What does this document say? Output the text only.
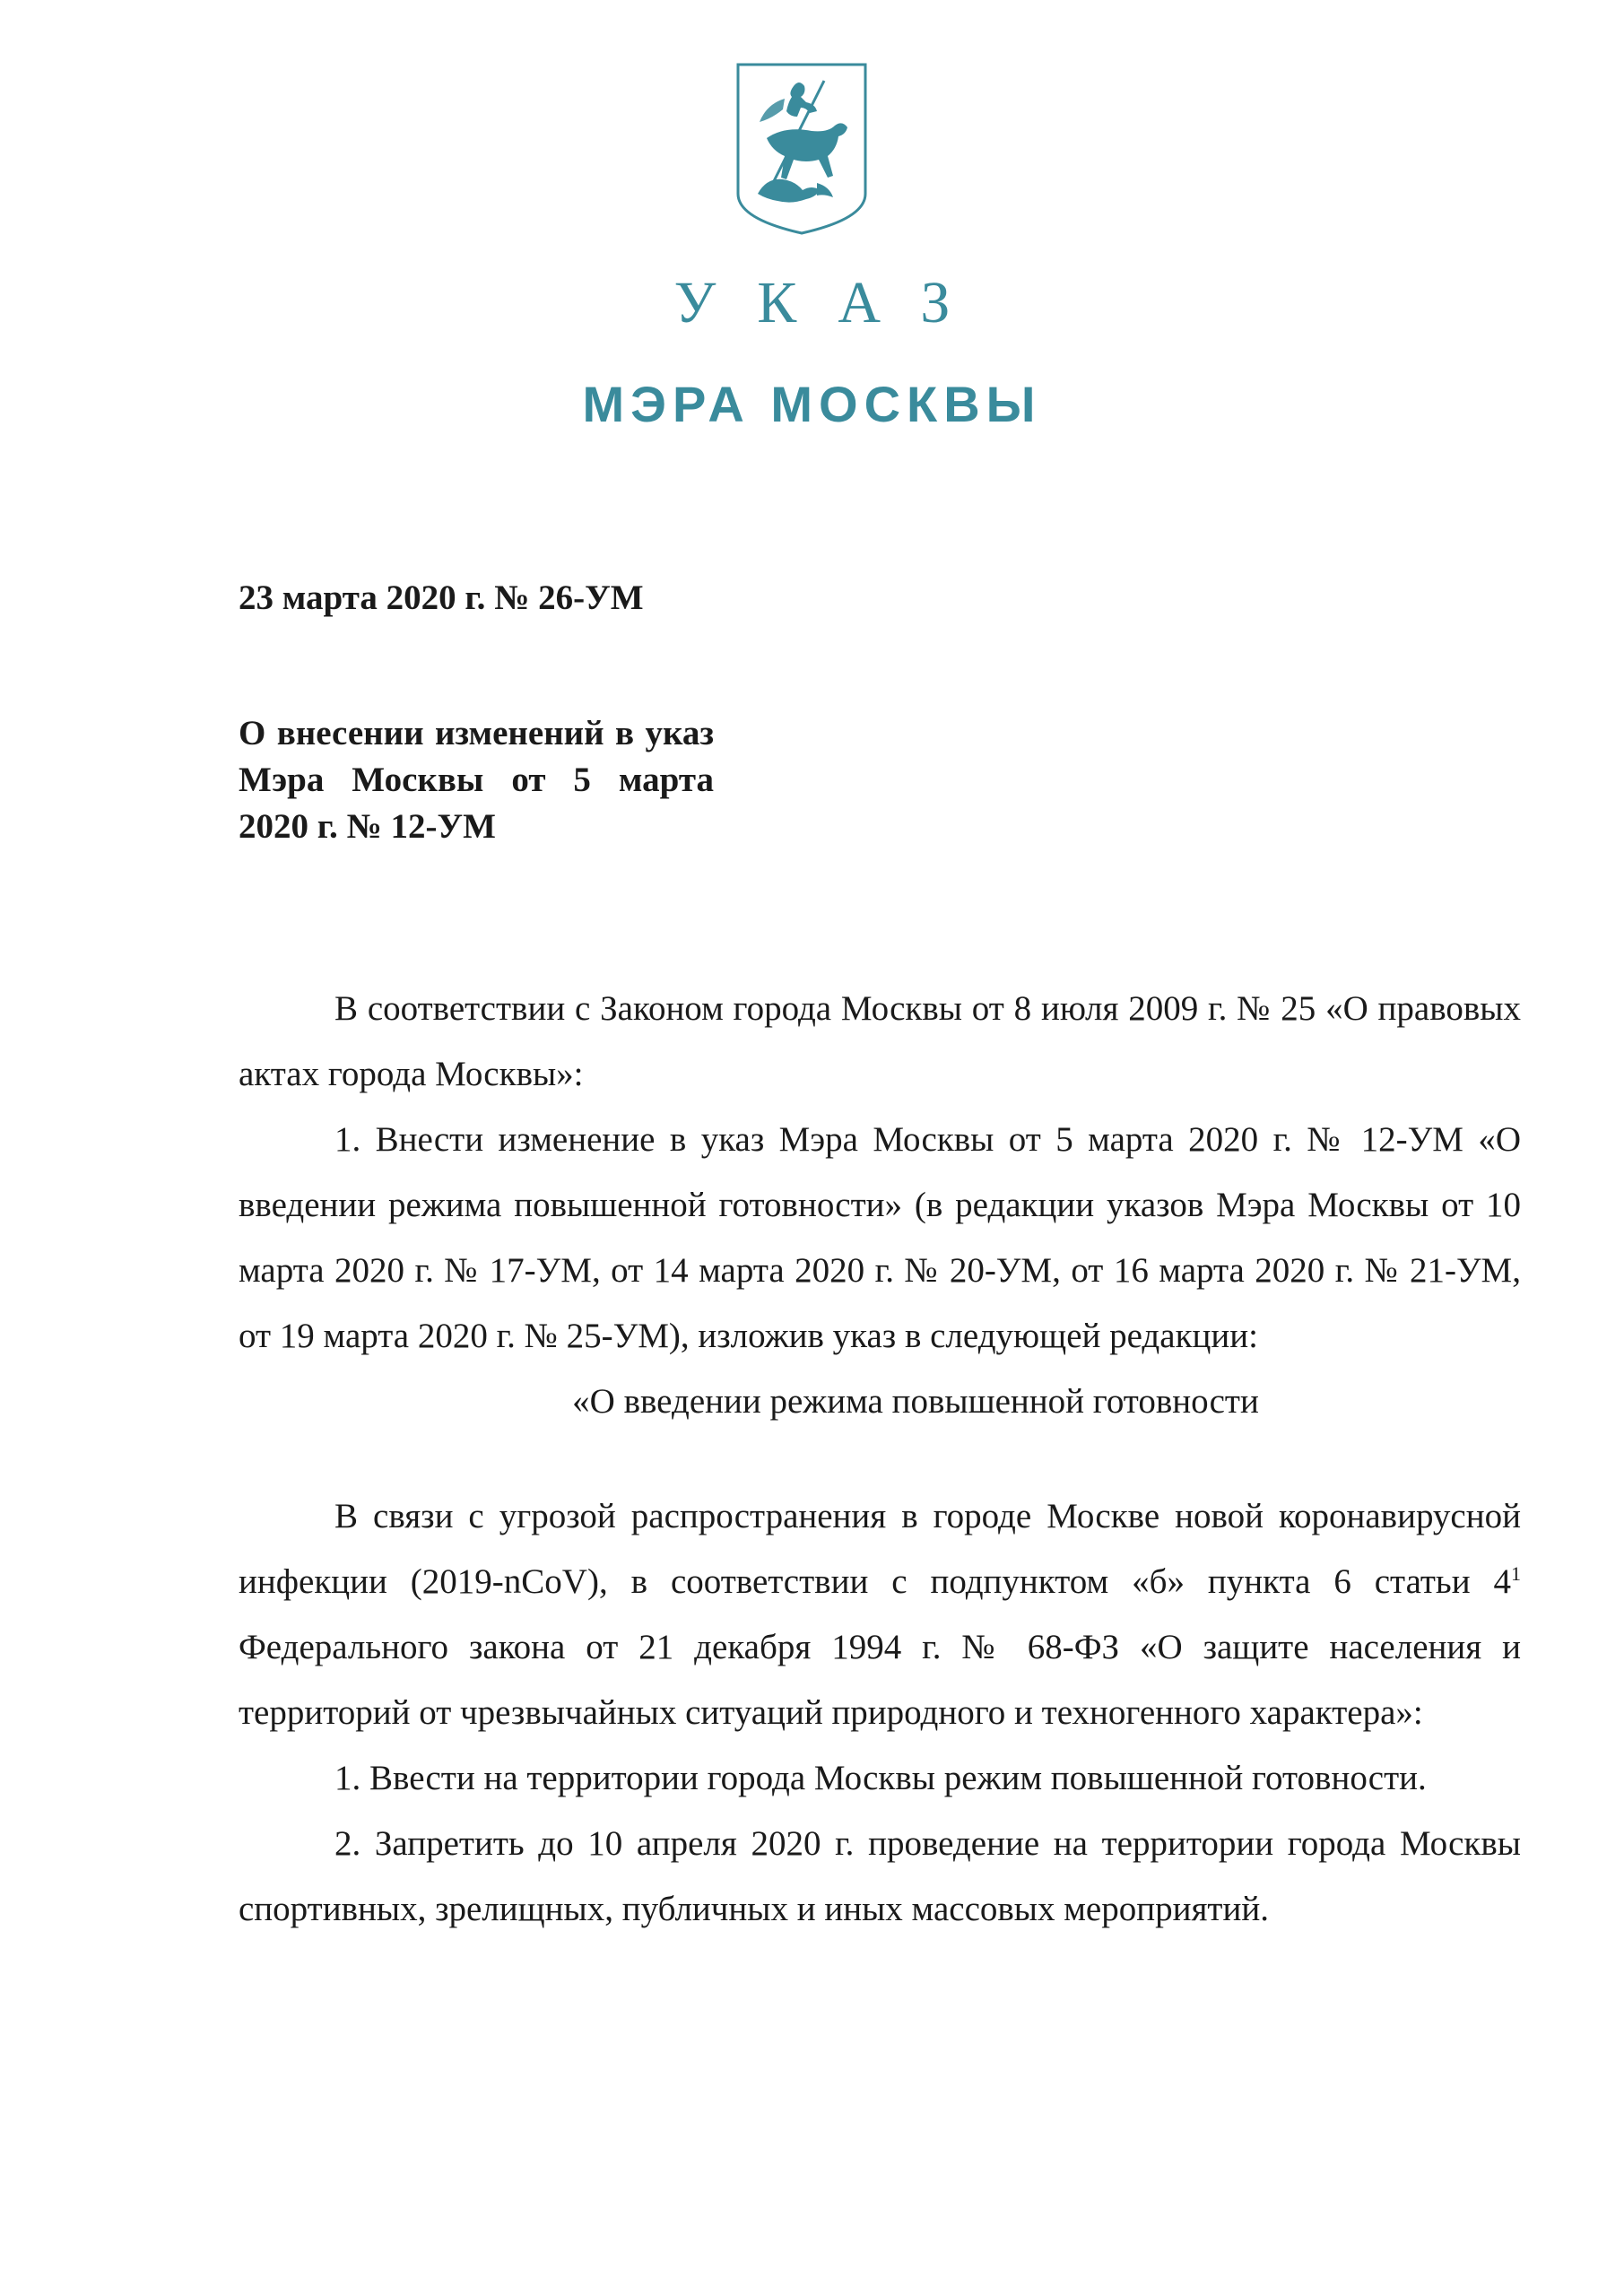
УКАЗ
МЭРА МОСКВЫ
23 марта 2020 г. № 26-УМ
О внесении изменений в указ Мэра Москвы от 5 марта 2020 г. № 12-УМ

В соответствии с Законом города Москвы от 8 июля 2009 г. № 25 «О правовых актах города Москвы»:

1. Внести изменение в указ Мэра Москвы от 5 марта 2020 г. № 12-УМ «О введении режима повышенной готовности» (в редакции указов Мэра Москвы от 10 марта 2020 г. № 17-УМ, от 14 марта 2020 г. № 20-УМ, от 16 марта 2020 г. № 21-УМ, от 19 марта 2020 г. № 25-УМ), изложив указ в следующей редакции:

«О введении режима повышенной готовности

В связи с угрозой распространения в городе Москве новой коронавирусной инфекции (2019-nCoV), в соответствии с подпунктом «б» пункта 6 статьи $4^1$ Федерального закона от 21 декабря 1994 г. № 68-ФЗ «О защите населения и территорий от чрезвычайных ситуаций природного и техногенного характера»:

1. Ввести на территории города Москвы режим повышенной готовности.

2. Запретить до 10 апреля 2020 г. проведение на территории города Москвы спортивных, зрелищных, публичных и иных массовых мероприятий.
